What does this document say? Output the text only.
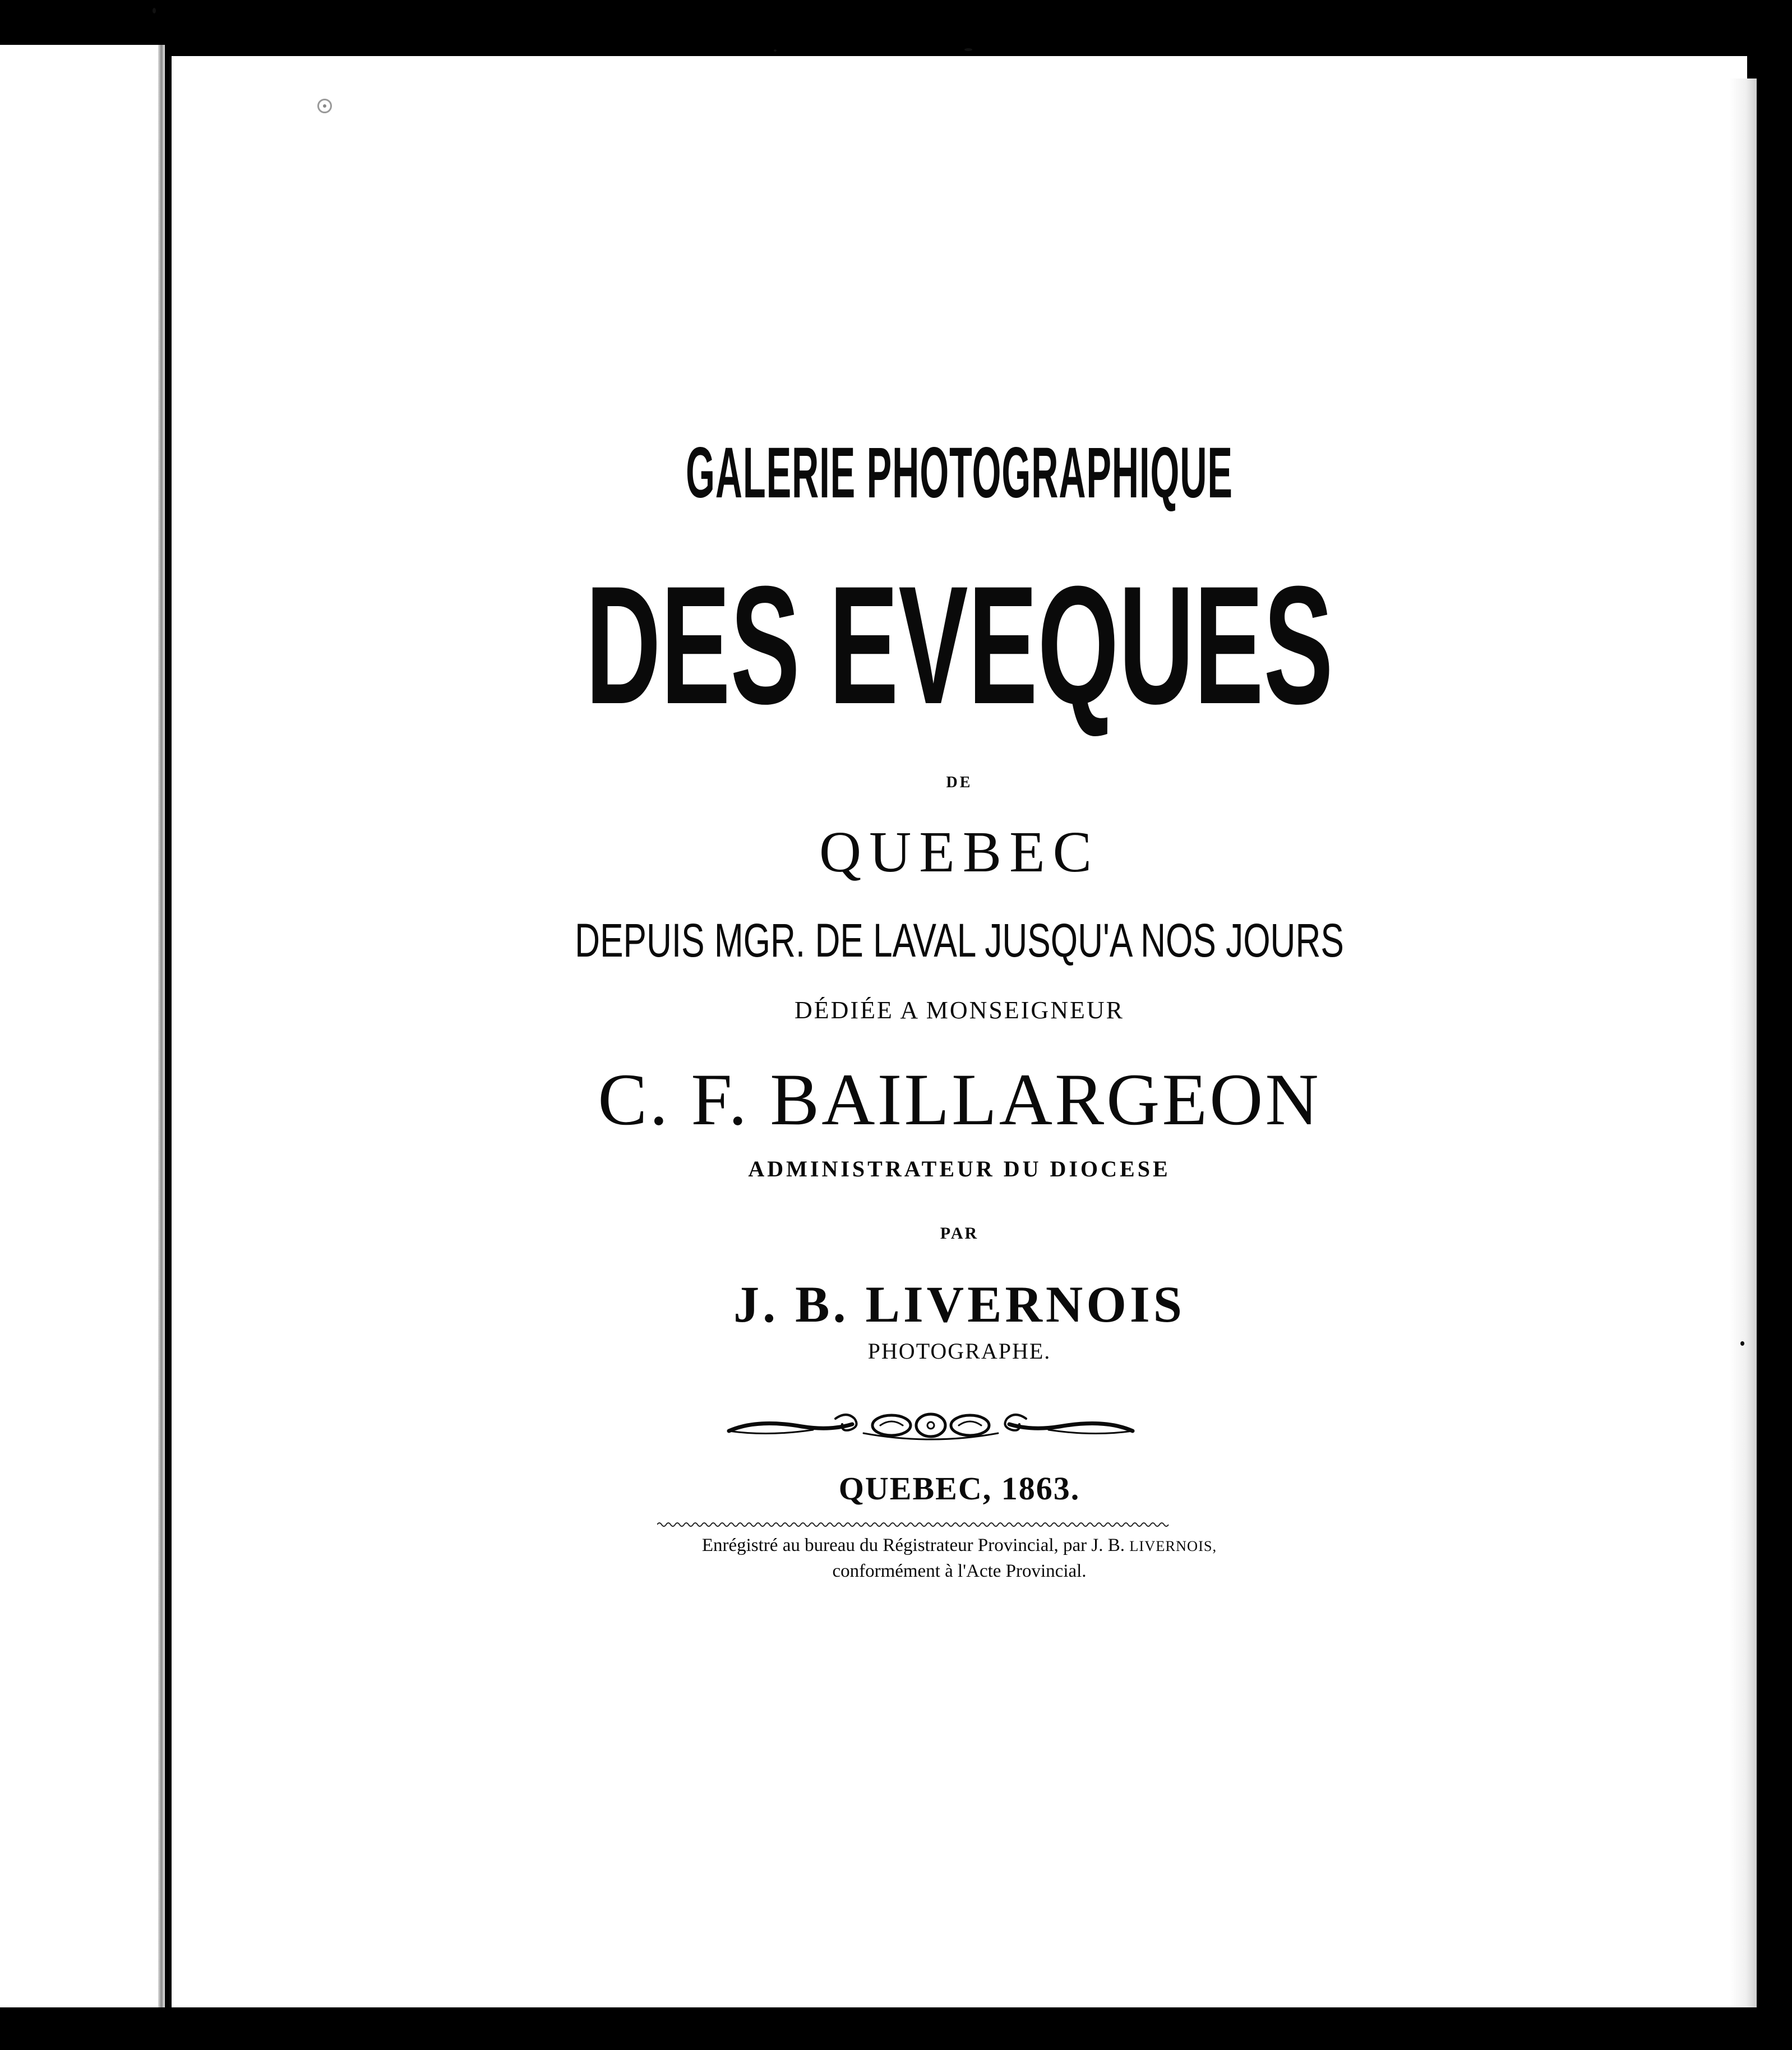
GALERIE PHOTOGRAPHIQUE
DES EVEQUES
DE
QUEBEC
DEPUIS MGR. DE LAVAL JUSQU'A NOS JOURS
DÉDIÉE A MONSEIGNEUR
C. F. BAILLARGEON
ADMINISTRATEUR DU DIOCESE
PAR
J. B. LIVERNOIS
PHOTOGRAPHE.
QUEBEC, 1863.
Enrégistré au bureau du Régistrateur Provincial, par J. B. LIVERNOIS,
conformément à l'Acte Provincial.
